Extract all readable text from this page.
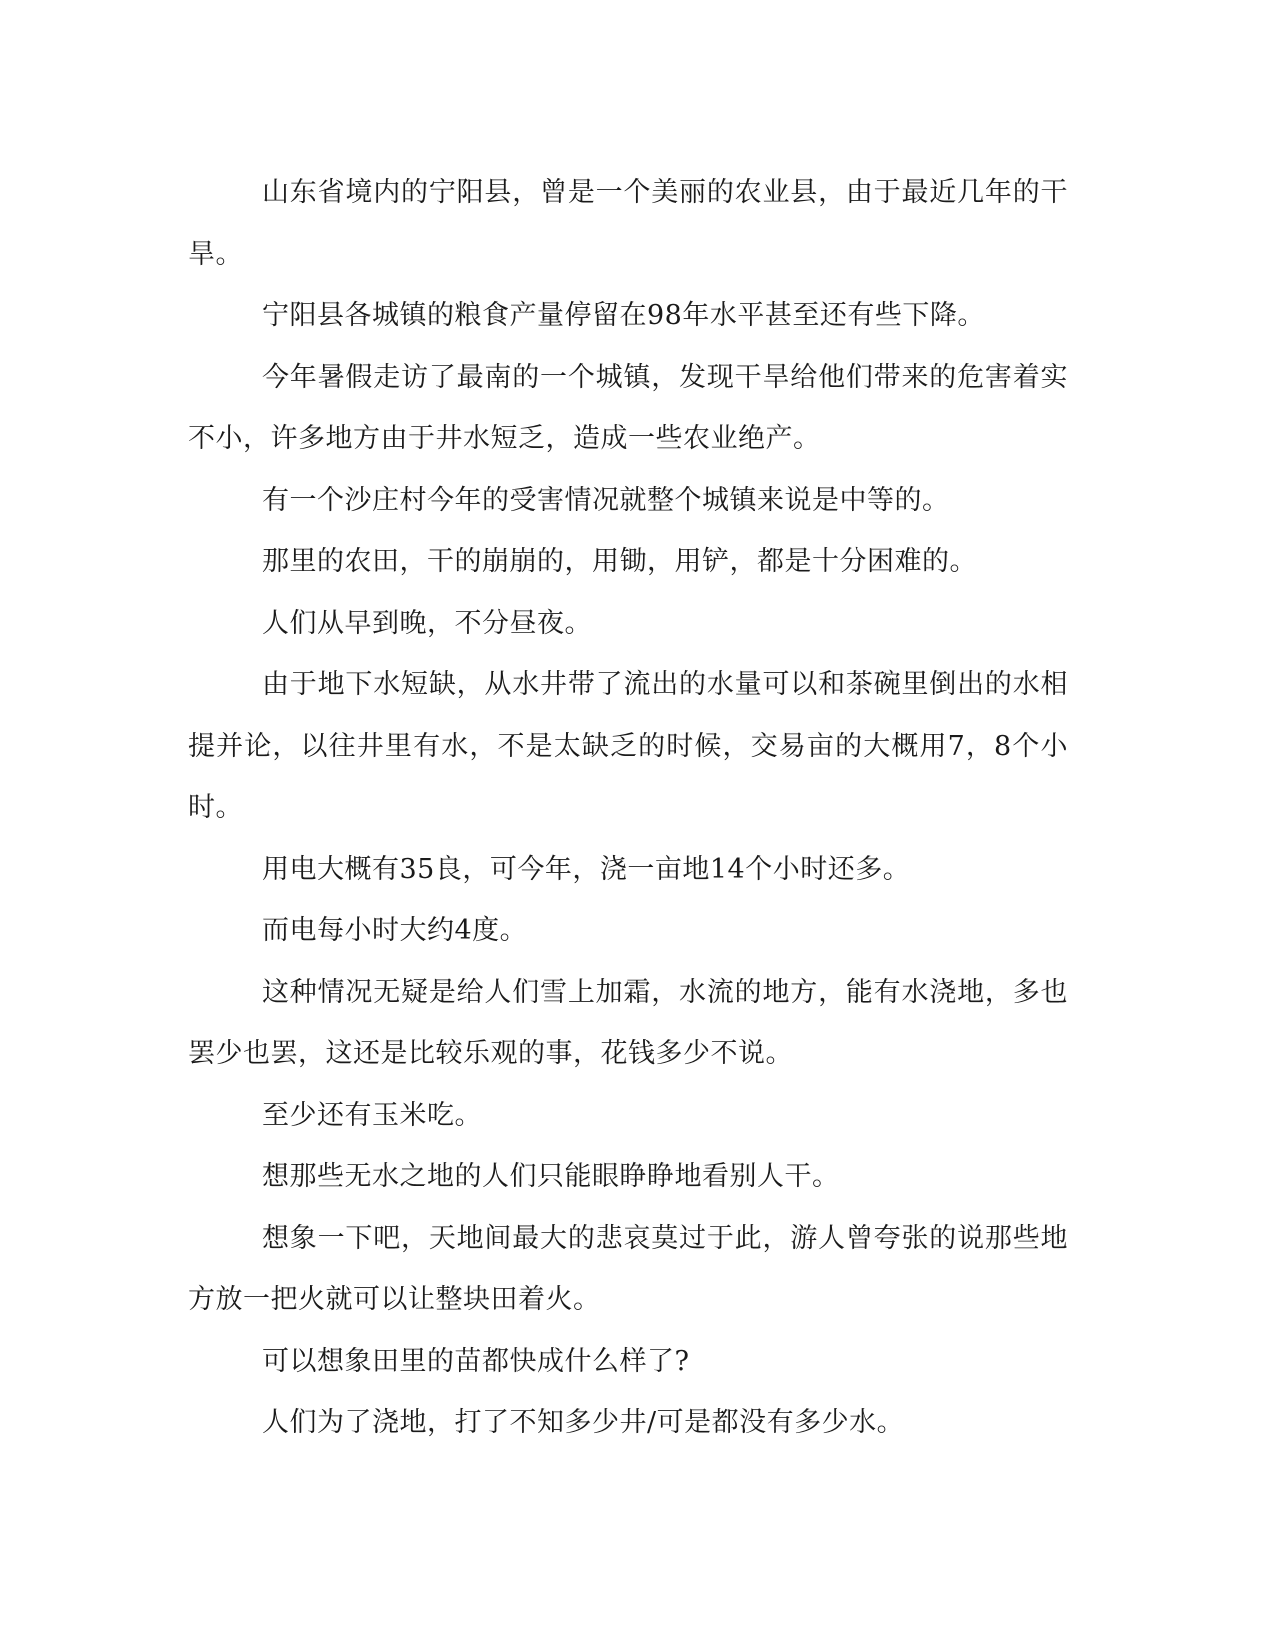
山东省境内的宁阳县，曾是一个美丽的农业县，由于最近几年的干旱。

宁阳县各城镇的粮食产量停留在98年水平甚至还有些下降。

今年暑假走访了最南的一个城镇，发现干旱给他们带来的危害着实不小，许多地方由于井水短乏，造成一些农业绝产。

有一个沙庄村今年的受害情况就整个城镇来说是中等的。

那里的农田，干的崩崩的，用锄，用铲，都是十分困难的。

人们从早到晚，不分昼夜。

由于地下水短缺，从水井带了流出的水量可以和茶碗里倒出的水相提并论，以往井里有水，不是太缺乏的时候，交易亩的大概用7，8个小时。

用电大概有35良，可今年，浇一亩地14个小时还多。

而电每小时大约4度。

这种情况无疑是给人们雪上加霜，水流的地方，能有水浇地，多也罢少也罢，这还是比较乐观的事，花钱多少不说。

至少还有玉米吃。

想那些无水之地的人们只能眼睁睁地看别人干。

想象一下吧，天地间最大的悲哀莫过于此，游人曾夸张的说那些地方放一把火就可以让整块田着火。

可以想象田里的苗都快成什么样了?

人们为了浇地，打了不知多少井/可是都没有多少水。
